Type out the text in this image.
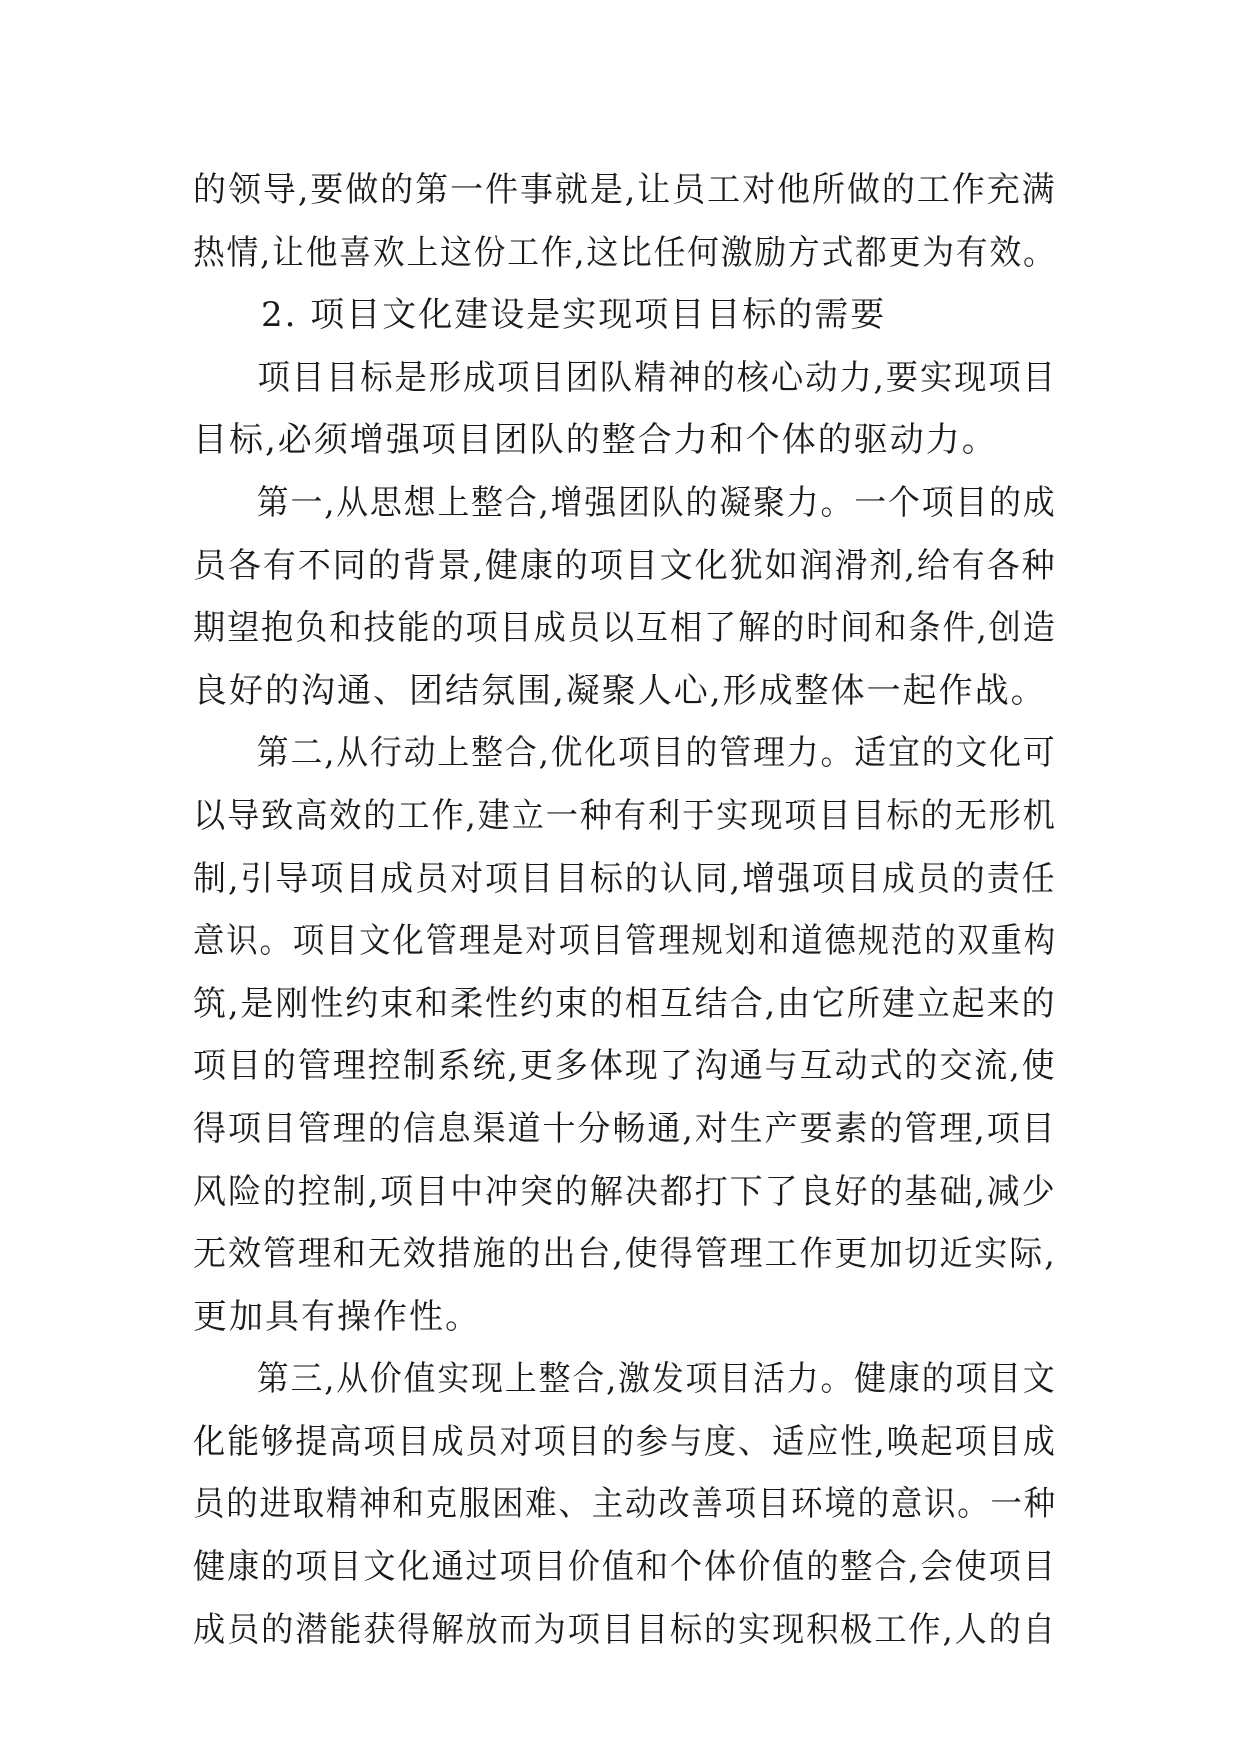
的领导,要做的第一件事就是,让员工对他所做的工作充满
热情,让他喜欢上这份工作,这比任何激励方式都更为有效。
2. 项目文化建设是实现项目目标的需要
项目目标是形成项目团队精神的核心动力,要实现项目
目标,必须增强项目团队的整合力和个体的驱动力。
第一,从思想上整合,增强团队的凝聚力。一个项目的成
员各有不同的背景,健康的项目文化犹如润滑剂,给有各种
期望抱负和技能的项目成员以互相了解的时间和条件,创造
良好的沟通、团结氛围,凝聚人心,形成整体一起作战。
第二,从行动上整合,优化项目的管理力。适宜的文化可
以导致高效的工作,建立一种有利于实现项目目标的无形机
制,引导项目成员对项目目标的认同,增强项目成员的责任
意识。项目文化管理是对项目管理规划和道德规范的双重构
筑,是刚性约束和柔性约束的相互结合,由它所建立起来的
项目的管理控制系统,更多体现了沟通与互动式的交流,使
得项目管理的信息渠道十分畅通,对生产要素的管理,项目
风险的控制,项目中冲突的解决都打下了良好的基础,减少
无效管理和无效措施的出台,使得管理工作更加切近实际,
更加具有操作性。
第三,从价值实现上整合,激发项目活力。健康的项目文
化能够提高项目成员对项目的参与度、适应性,唤起项目成
员的进取精神和克服困难、主动改善项目环境的意识。一种
健康的项目文化通过项目价值和个体价值的整合,会使项目
成员的潜能获得解放而为项目目标的实现积极工作,人的自
